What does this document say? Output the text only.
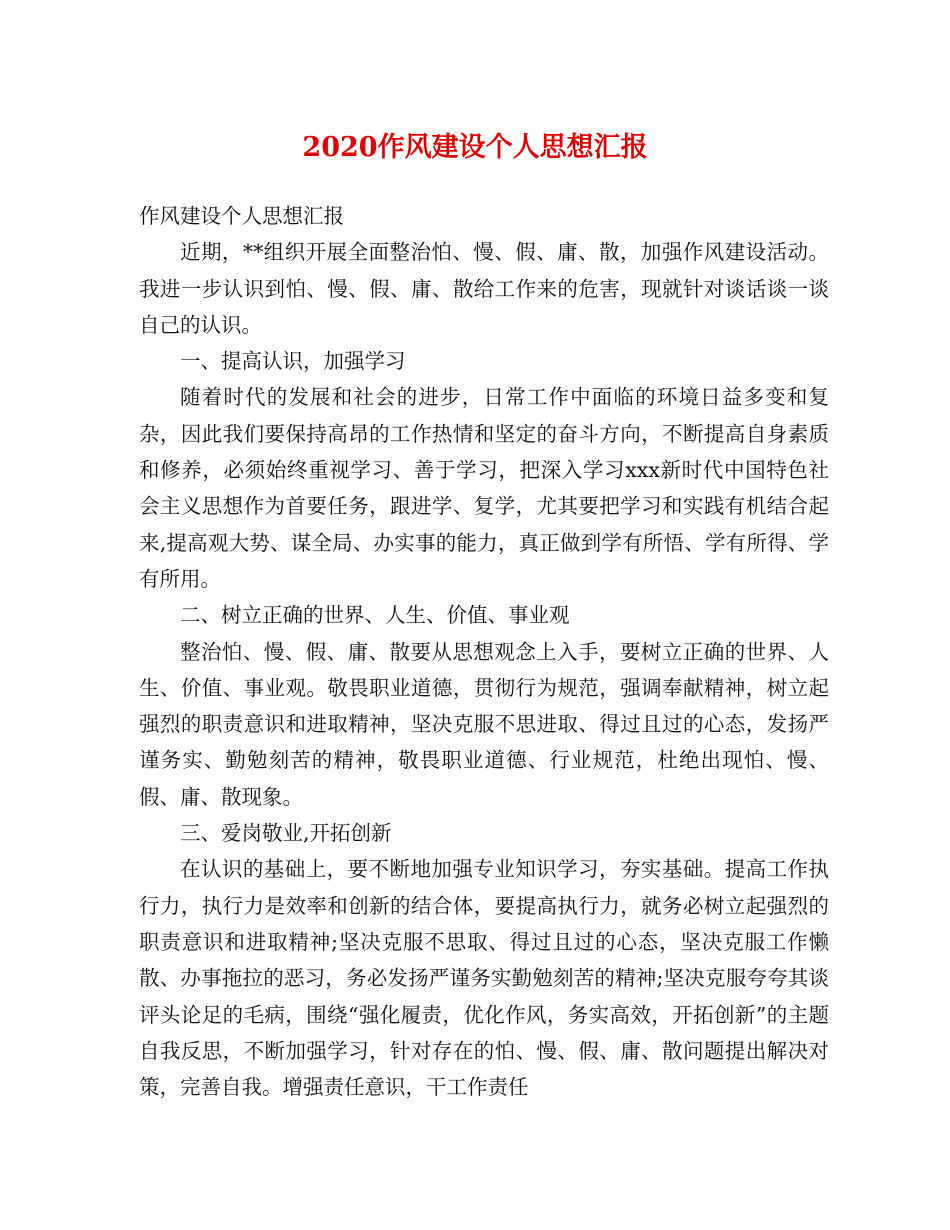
2020作风建设个人思想汇报

作风建设个人思想汇报

近期，**组织开展全面整治怕、慢、假、庸、散，加强作风建设活动。我进一步认识到怕、慢、假、庸、散给工作来的危害，现就针对谈话谈一谈自己的认识。

一、提高认识，加强学习

随着时代的发展和社会的进步，日常工作中面临的环境日益多变和复杂，因此我们要保持高昂的工作热情和坚定的奋斗方向，不断提高自身素质和修养，必须始终重视学习、善于学习，把深入学习xxx新时代中国特色社会主义思想作为首要任务，跟进学、复学，尤其要把学习和实践有机结合起来,提高观大势、谋全局、办实事的能力，真正做到学有所悟、学有所得、学有所用。

二、树立正确的世界、人生、价值、事业观

整治怕、慢、假、庸、散要从思想观念上入手，要树立正确的世界、人生、价值、事业观。敬畏职业道德，贯彻行为规范，强调奉献精神，树立起强烈的职责意识和进取精神，坚决克服不思进取、得过且过的心态，发扬严谨务实、勤勉刻苦的精神，敬畏职业道德、行业规范，杜绝出现怕、慢、假、庸、散现象。

三、爱岗敬业,开拓创新

在认识的基础上，要不断地加强专业知识学习，夯实基础。提高工作执行力，执行力是效率和创新的结合体，要提高执行力，就务必树立起强烈的职责意识和进取精神;坚决克服不思取、得过且过的心态，坚决克服工作懒散、办事拖拉的恶习，务必发扬严谨务实勤勉刻苦的精神;坚决克服夸夸其谈评头论足的毛病，围绕“强化履责，优化作风，务实高效，开拓创新”的主题自我反思，不断加强学习，针对存在的怕、慢、假、庸、散问题提出解决对策，完善自我。增强责任意识，干工作责任
